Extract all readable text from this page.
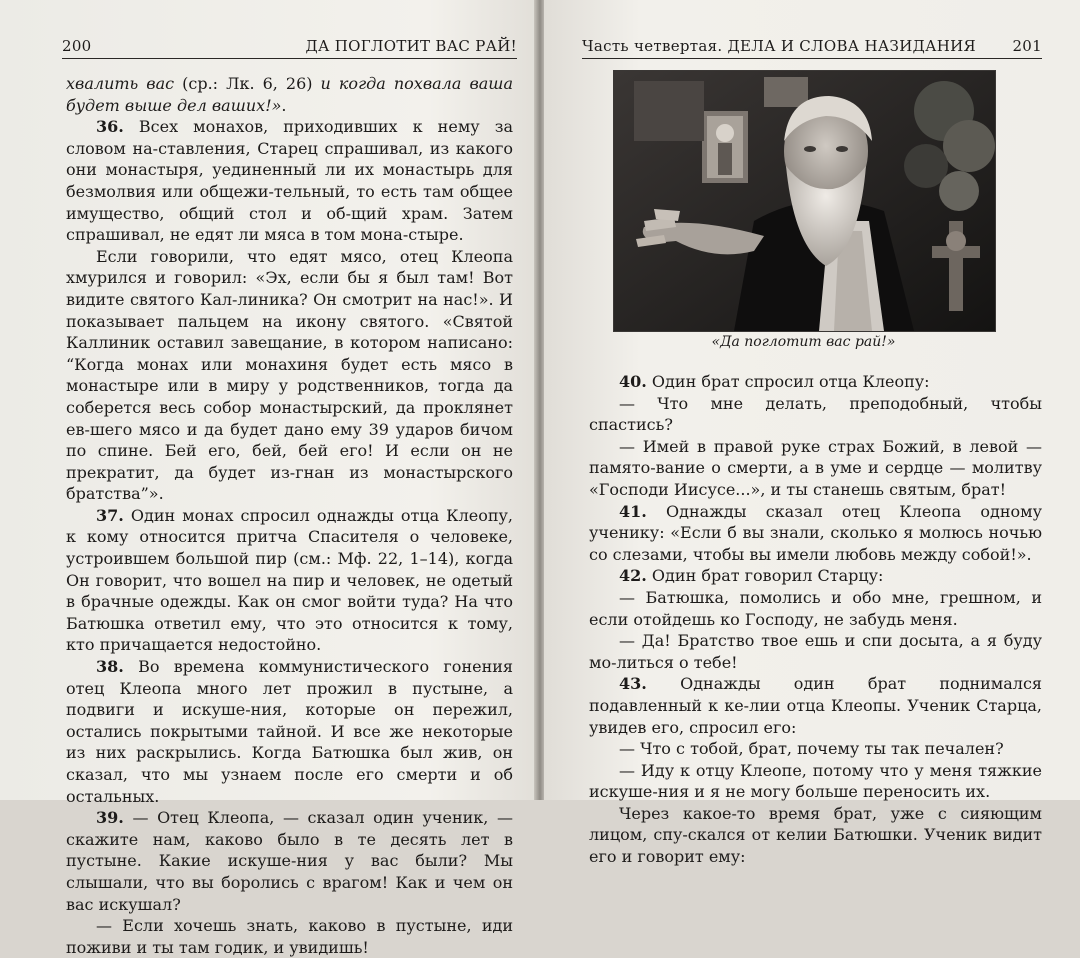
200	ДА ПОГЛОТИТ ВАС РАЙ!

хвалить вас (ср.: Лк. 6, 26) и когда похвала ваша будет выше дел ваших!».

36. Всех монахов, приходивших к нему за словом на-ставления, Старец спрашивал, из какого они монастыря, уединенный ли их монастырь для безмолвия или общежи-тельный, то есть там общее имущество, общий стол и об-щий храм. Затем спрашивал, не едят ли мяса в том мона-стыре.

Если говорили, что едят мясо, отец Клеопа хмурился и говорил: «Эх, если бы я был там! Вот видите святого Кал-линика? Он смотрит на нас!». И показывает пальцем на икону святого. «Святой Каллиник оставил завещание, в котором написано: “Когда монах или монахиня будет есть мясо в монастыре или в миру у родственников, тогда да соберется весь собор монастырский, да проклянет ев-шего мясо и да будет дано ему 39 ударов бичом по спине. Бей его, бей, бей его! И если он не прекратит, да будет из-гнан из монастырского братства”».

37. Один монах спросил однажды отца Клеопу, к кому относится притча Спасителя о человеке, устроившем большой пир (см.: Мф. 22, 1–14), когда Он говорит, что вошел на пир и человек, не одетый в брачные одежды. Как он смог войти туда? На что Батюшка ответил ему, что это относится к тому, кто причащается недостойно.

38. Во времена коммунистического гонения отец Клеопа много лет прожил в пустыне, а подвиги и искуше-ния, которые он пережил, остались покрытыми тайной. И все же некоторые из них раскрылись. Когда Батюшка был жив, он сказал, что мы узнаем после его смерти и об остальных.

39. — Отец Клеопа, — сказал один ученик, — скажите нам, каково было в те десять лет в пустыне. Какие искуше-ния у вас были? Мы слышали, что вы боролись с врагом! Как и чем он вас искушал?

— Если хочешь знать, каково в пустыне, иди поживи и ты там годик, и увидишь!

Часть четвертая. ДЕЛА И СЛОВА НАЗИДАНИЯ 201
«Да поглотит вас рай!»

40. Один брат спросил отца Клеопу:

— Что мне делать, преподобный, чтобы спастись?

— Имей в правой руке страх Божий, в левой — памято-вание о смерти, а в уме и сердце — молитву «Господи Иисусе...», и ты станешь святым, брат!

41. Однажды сказал отец Клеопа одному ученику: «Если б вы знали, сколько я молюсь ночью со слезами, чтобы вы имели любовь между собой!».

42. Один брат говорил Старцу:

— Батюшка, помолись и обо мне, грешном, и если отойдешь ко Господу, не забудь меня.

— Да! Братство твое ешь и спи досыта, а я буду мо-литься о тебе!

43. Однажды один брат поднимался подавленный к ке-лии отца Клеопы. Ученик Старца, увидев его, спросил его:

— Что с тобой, брат, почему ты так печален?

— Иду к отцу Клеопе, потому что у меня тяжкие искуше-ния и я не могу больше переносить их.

Через какое-то время брат, уже с сияющим лицом, спу-скался от келии Батюшки. Ученик видит его и говорит ему:
